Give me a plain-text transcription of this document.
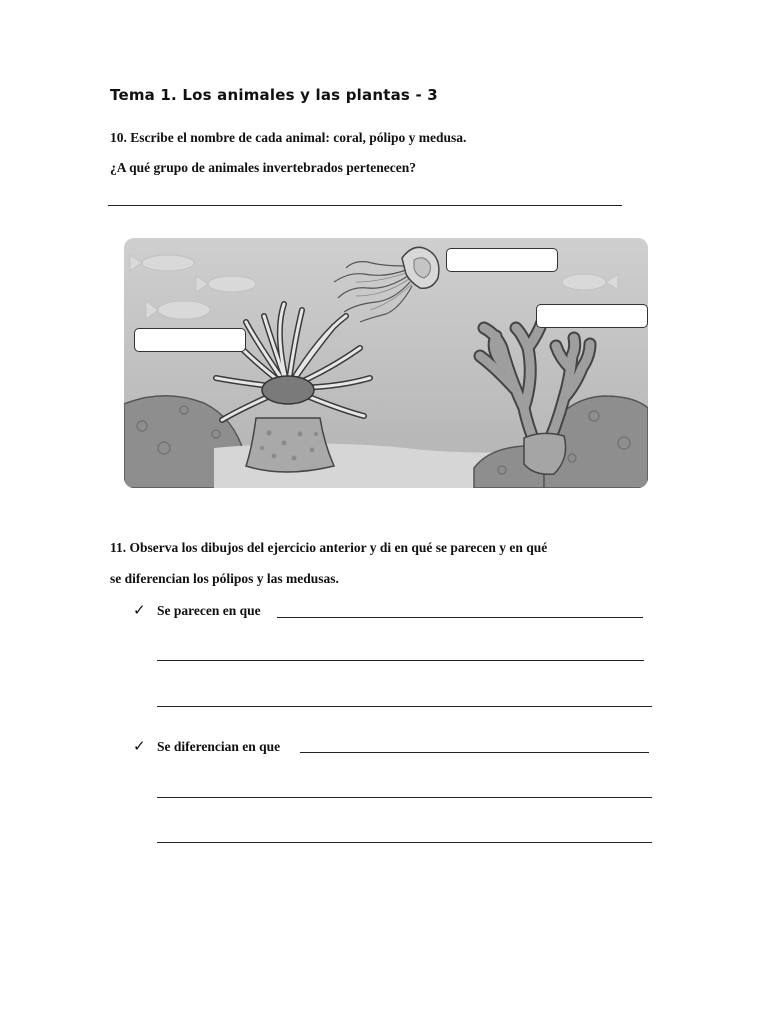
Tema 1. Los animales y las plantas - 3
10. Escribe el nombre de cada animal: coral, pólipo y medusa.
¿A qué grupo de animales invertebrados pertenecen?
11. Observa los dibujos del ejercicio anterior y di en qué se parecen y en qué
se diferencian los pólipos y las medusas.
✓ Se parecen en que
✓ Se diferencian en que
